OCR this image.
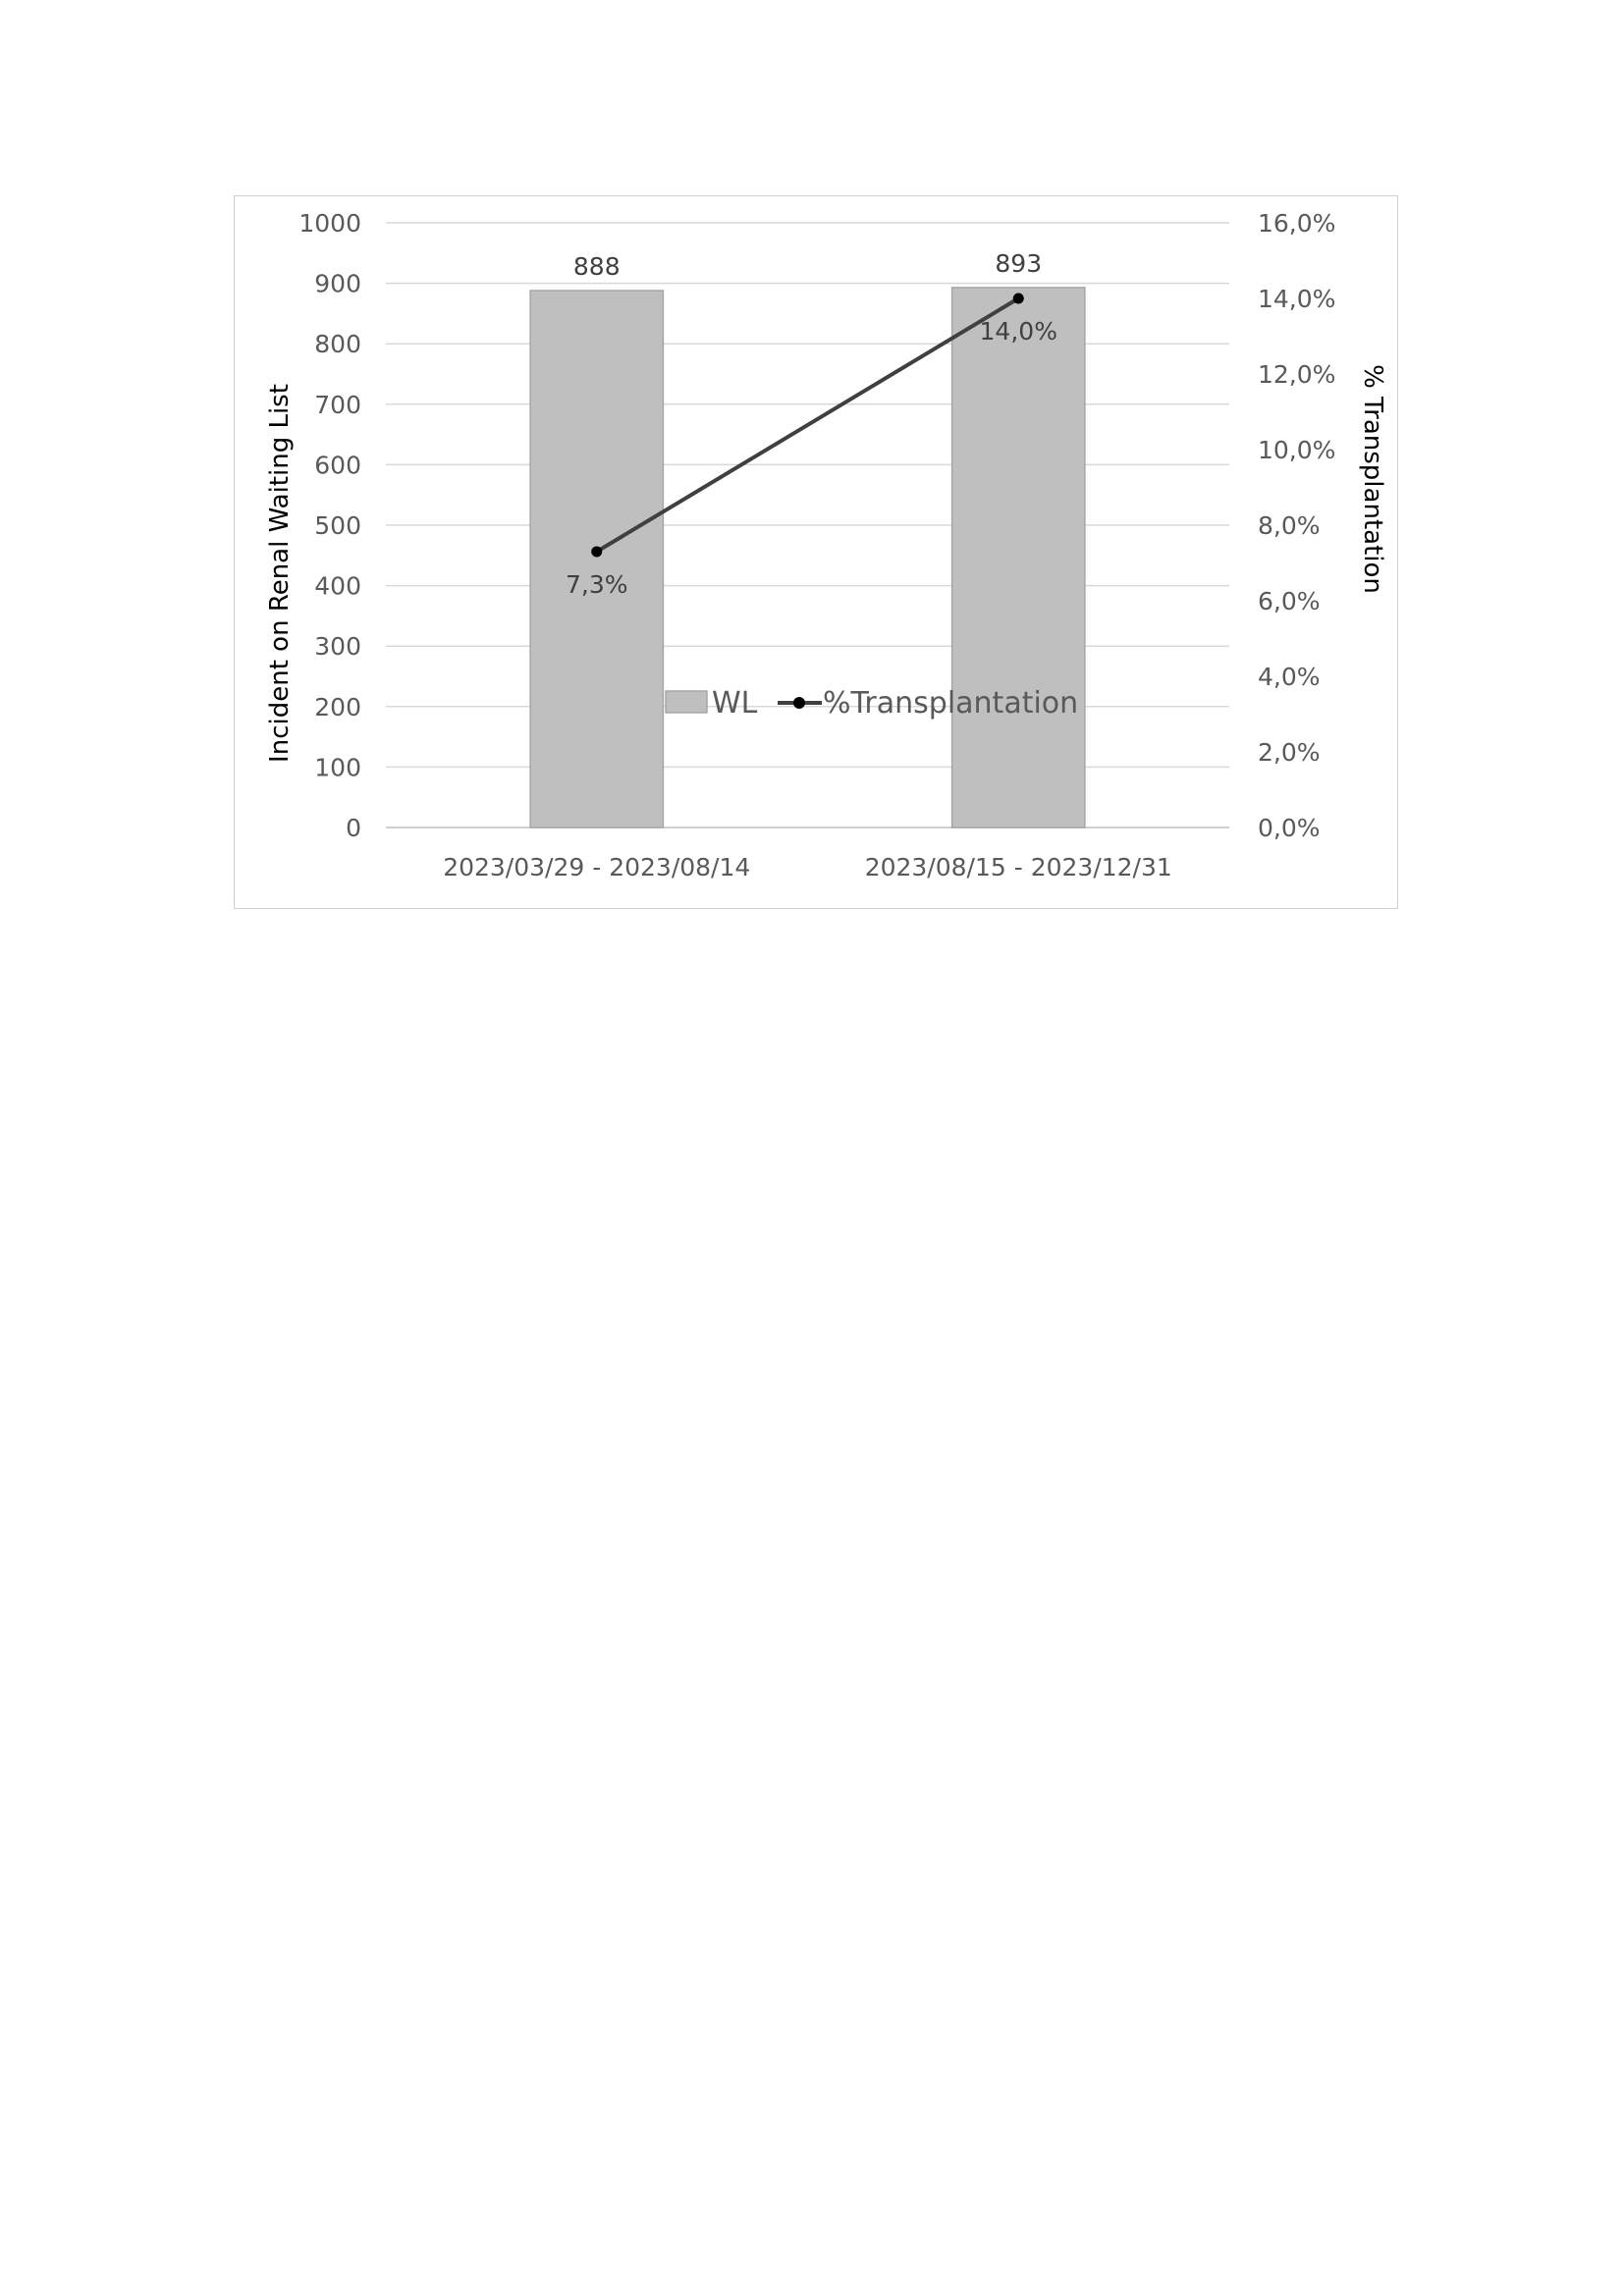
0
100
200
300
400
500
600
700
800
900
1000
0,0%
2,0%
4,0%
6,0%
8,0%
10,0%
12,0%
14,0%
16,0%
2023/03/29 - 2023/08/14	2023/08/15 - 2023/12/31
888	893
7,3%
14,0%
Incident on Renal Waiting List	% Transplantation
WL %Transplantation
